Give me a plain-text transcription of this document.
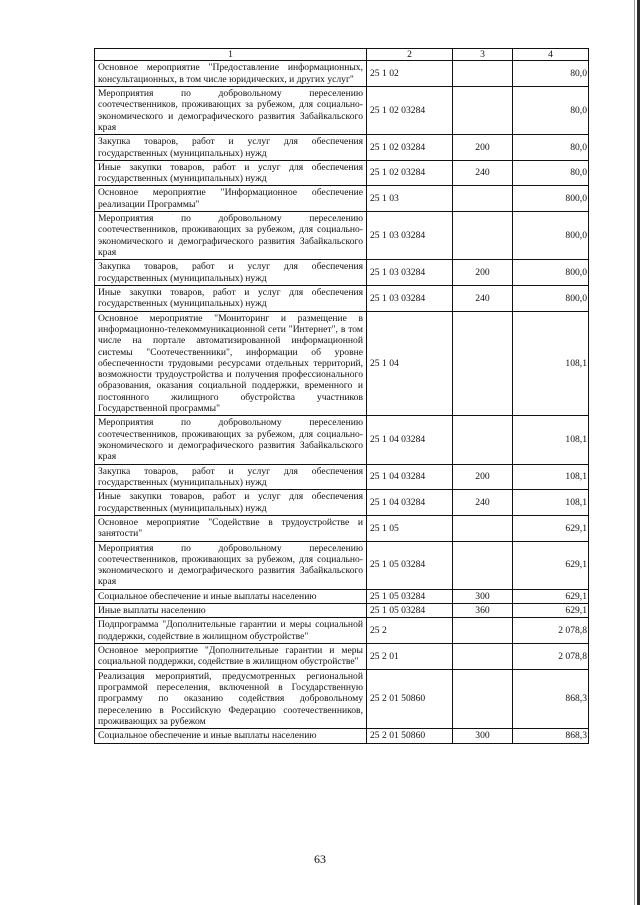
1	2	3	4
Основное мероприятие "Предоставление информационных, консультационных, в том числе юридических, и других услуг"	25 1 02		80,0
Мероприятия по добровольному переселению соотечественников, проживающих за рубежом, для социально-экономического и демографического развития Забайкальского края	25 1 02 03284		80,0
Закупка товаров, работ и услуг для обеспечения государственных (муниципальных) нужд	25 1 02 03284	200	80,0
Иные закупки товаров, работ и услуг для обеспечения государственных (муниципальных) нужд	25 1 02 03284	240	80,0
Основное мероприятие "Информационное обеспечение реализации Программы"	25 1 03		800,0
Мероприятия по добровольному переселению соотечественников, проживающих за рубежом, для социально-экономического и демографического развития Забайкальского края	25 1 03 03284		800,0
Закупка товаров, работ и услуг для обеспечения государственных (муниципальных) нужд	25 1 03 03284	200	800,0
Иные закупки товаров, работ и услуг для обеспечения государственных (муниципальных) нужд	25 1 03 03284	240	800,0
Основное мероприятие "Мониторинг и размещение в информационно-телекоммуникационной сети "Интернет", в том числе на портале автоматизированной информационной системы "Соотечественники", информации об уровне обеспеченности трудовыми ресурсами отдельных территорий, возможности трудоустройства и получения профессионального образования, оказания социальной поддержки, временного и постоянного жилищного обустройства участников Государственной программы"	25 1 04		108,1
Мероприятия по добровольному переселению соотечественников, проживающих за рубежом, для социально-экономического и демографического развития Забайкальского края	25 1 04 03284		108,1
Закупка товаров, работ и услуг для обеспечения государственных (муниципальных) нужд	25 1 04 03284	200	108,1
Иные закупки товаров, работ и услуг для обеспечения государственных (муниципальных) нужд	25 1 04 03284	240	108,1
Основное мероприятие "Содействие в трудоустройстве и занятости"	25 1 05		629,1
Мероприятия по добровольному переселению соотечественников, проживающих за рубежом, для социально-экономического и демографического развития Забайкальского края	25 1 05 03284		629,1
Социальное обеспечение и иные выплаты населению	25 1 05 03284	300	629,1
Иные выплаты населению	25 1 05 03284	360	629,1
Подпрограмма "Дополнительные гарантии и меры социальной поддержки, содействие в жилищном обустройстве"	25 2		2 078,8
Основное мероприятие "Дополнительные гарантии и меры социальной поддержки, содействие в жилищном обустройстве"	25 2 01		2 078,8
Реализация мероприятий, предусмотренных региональной программой переселения, включенной в Государственную программу по оказанию содействия добровольному переселению в Российскую Федерацию соотечественников, проживающих за рубежом	25 2 01 50860		868,3
Социальное обеспечение и иные выплаты населению	25 2 01 50860	300	868,3
63
